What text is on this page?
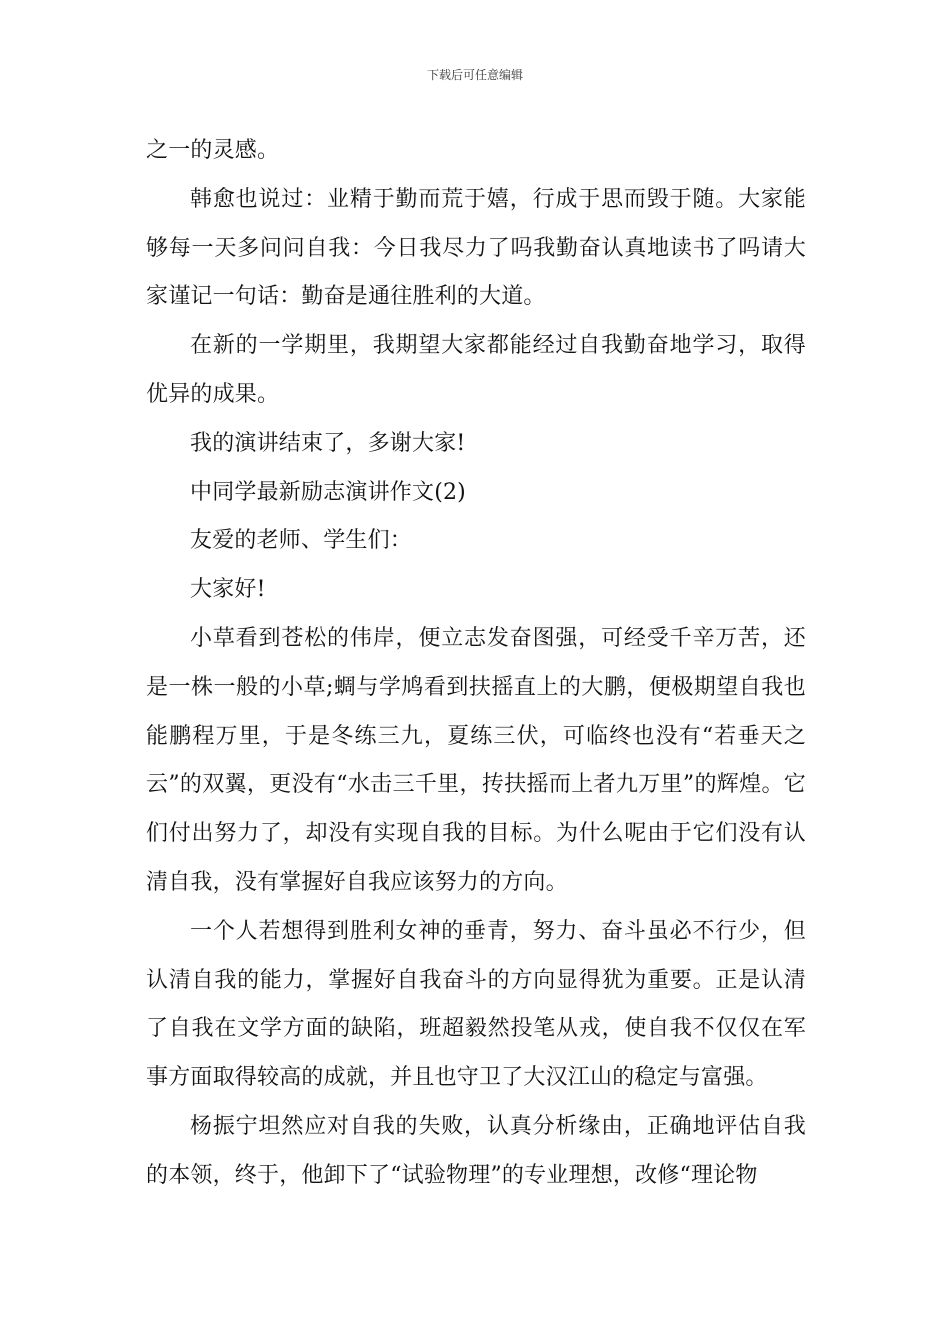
下载后可任意编辑

之一的灵感。

韩愈也说过：业精于勤而荒于嬉，行成于思而毁于随。大家能够每一天多问问自我：今日我尽力了吗我勤奋认真地读书了吗请大家谨记一句话：勤奋是通往胜利的大道。

在新的一学期里，我期望大家都能经过自我勤奋地学习，取得优异的成果。

我的演讲结束了，多谢大家!

中同学最新励志演讲作文(2)

友爱的老师、学生们：

大家好!

小草看到苍松的伟岸，便立志发奋图强，可经受千辛万苦，还是一株一般的小草;蜩与学鸠看到扶摇直上的大鹏，便极期望自我也能鹏程万里，于是冬练三九，夏练三伏，可临终也没有“若垂天之云”的双翼，更没有“水击三千里，抟扶摇而上者九万里”的辉煌。它们付出努力了，却没有实现自我的目标。为什么呢由于它们没有认清自我，没有掌握好自我应该努力的方向。

一个人若想得到胜利女神的垂青，努力、奋斗虽必不行少，但认清自我的能力，掌握好自我奋斗的方向显得犹为重要。正是认清了自我在文学方面的缺陷，班超毅然投笔从戎，使自我不仅仅在军事方面取得较高的成就，并且也守卫了大汉江山的稳定与富强。

杨振宁坦然应对自我的失败，认真分析缘由，正确地评估自我的本领，终于，他卸下了“试验物理”的专业理想，改修“理论物
